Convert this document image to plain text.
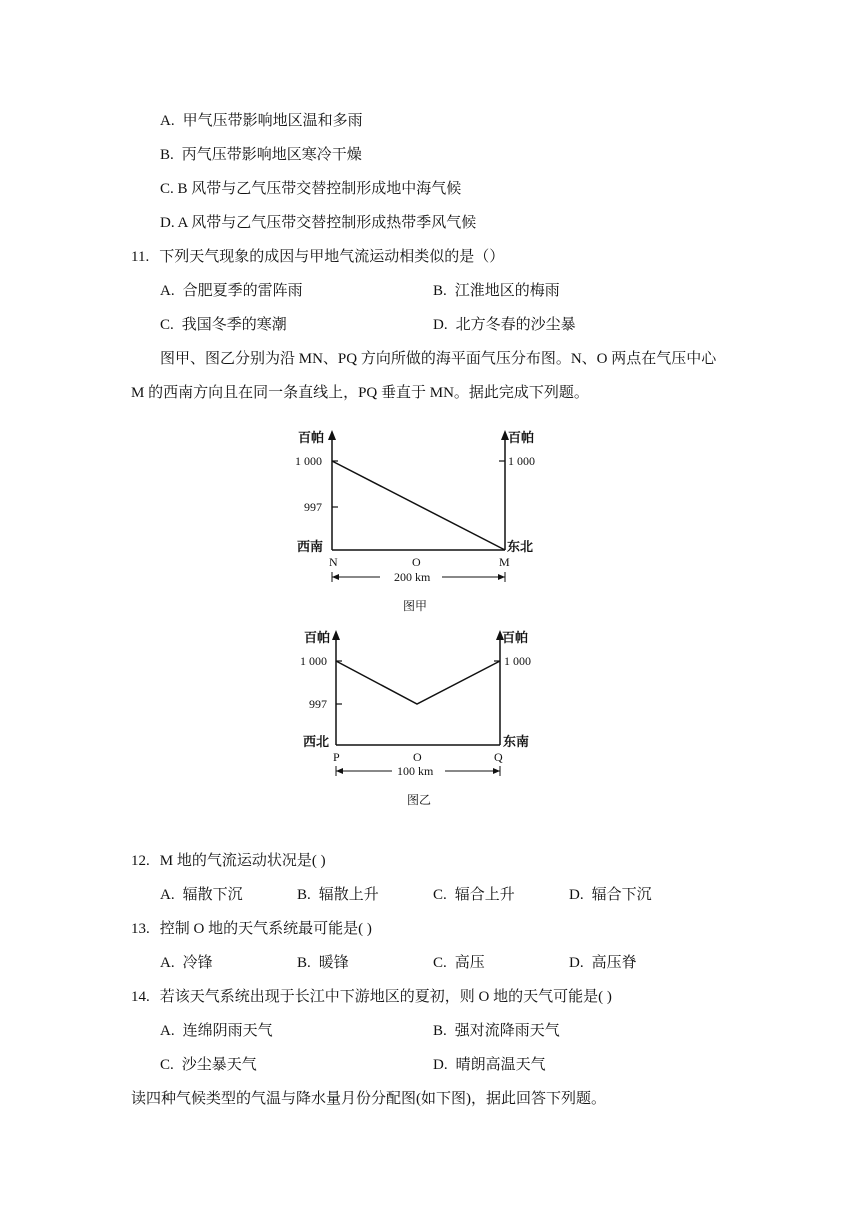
A. 甲气压带影响地区温和多雨
B. 丙气压带影响地区寒冷干燥
C. B 风带与乙气压带交替控制形成地中海气候
D. A 风带与乙气压带交替控制形成热带季风气候
11. 下列天气现象的成因与甲地气流运动相类似的是（）
A. 合肥夏季的雷阵雨	B. 江淮地区的梅雨
C. 我国冬季的寒潮	D. 北方冬春的沙尘暴
图甲、图乙分别为沿 MN、PQ 方向所做的海平面气压分布图。N、O 两点在气压中心
M 的西南方向且在同一条直线上，PQ 垂直于 MN。据此完成下列题。
百帕	百帕
1 000
997
1 000
西南	东北
N	O	M
200 km
图甲
百帕	百帕
1 000
997
1 000
西北	东南
P	O	Q
100 km
图乙
12. M 地的气流运动状况是( )
A. 辐散下沉	B. 辐散上升	C. 辐合上升	D. 辐合下沉
13. 控制 O 地的天气系统最可能是( )
A. 冷锋	B. 暖锋	C. 高压	D. 高压脊
14. 若该天气系统出现于长江中下游地区的夏初，则 O 地的天气可能是( )
A. 连绵阴雨天气	B. 强对流降雨天气
C. 沙尘暴天气	D. 晴朗高温天气
读四种气候类型的气温与降水量月份分配图(如下图)，据此回答下列题。
